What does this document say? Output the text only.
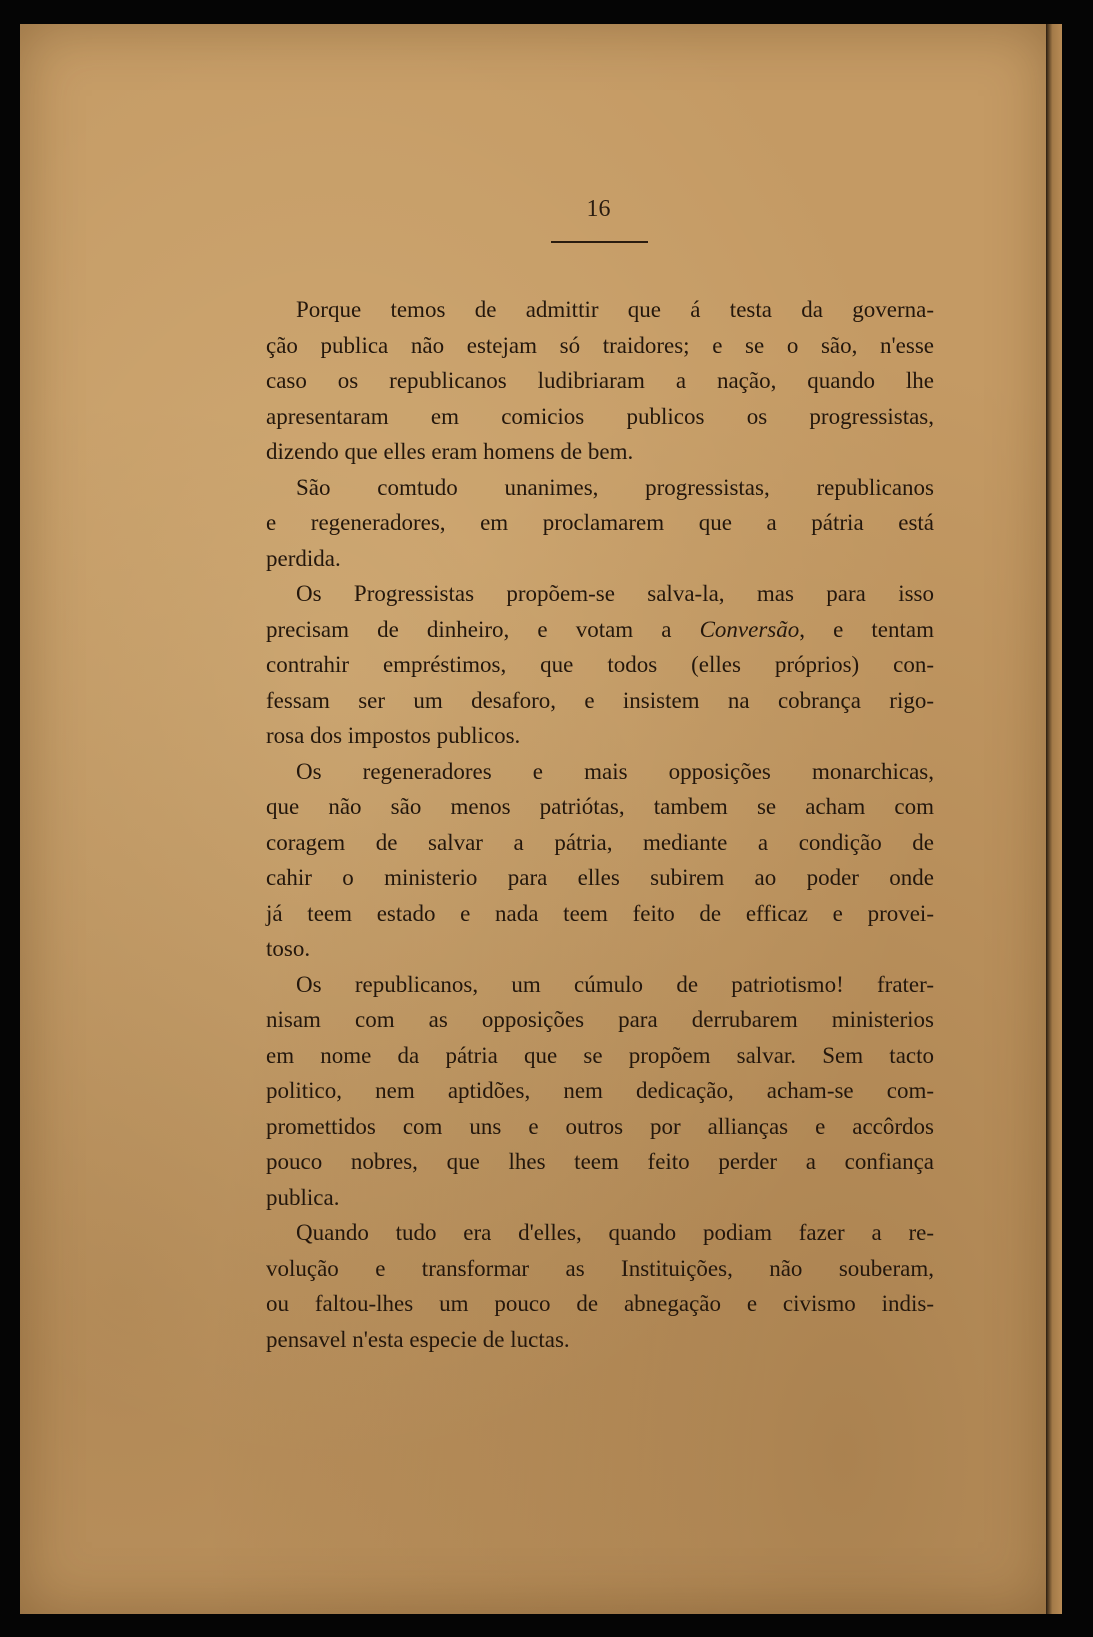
16
Porque temos de admittir que á testa da governa-
ção publica não estejam só traidores; e se o são, n'esse
caso os republicanos ludibriaram a nação, quando lhe
apresentaram em comicios publicos os progressistas,
dizendo que elles eram homens de bem.
São comtudo unanimes, progressistas, republicanos
e regeneradores, em proclamarem que a pátria está
perdida.
Os Progressistas propõem-se salva-la, mas para isso
precisam de dinheiro, e votam a Conversão, e tentam
contrahir empréstimos, que todos (elles próprios) con-
fessam ser um desaforo, e insistem na cobrança rigo-
rosa dos impostos publicos.
Os regeneradores e mais opposições monarchicas,
que não são menos patriótas, tambem se acham com
coragem de salvar a pátria, mediante a condição de
cahir o ministerio para elles subirem ao poder onde
já teem estado e nada teem feito de efficaz e provei-
toso.
Os republicanos, um cúmulo de patriotismo! frater-
nisam com as opposições para derrubarem ministerios
em nome da pátria que se propõem salvar. Sem tacto
politico, nem aptidões, nem dedicação, acham-se com-
promettidos com uns e outros por allianças e accôrdos
pouco nobres, que lhes teem feito perder a confiança
publica.
Quando tudo era d'elles, quando podiam fazer a re-
volução e transformar as Instituições, não souberam,
ou faltou-lhes um pouco de abnegação e civismo indis-
pensavel n'esta especie de luctas.
